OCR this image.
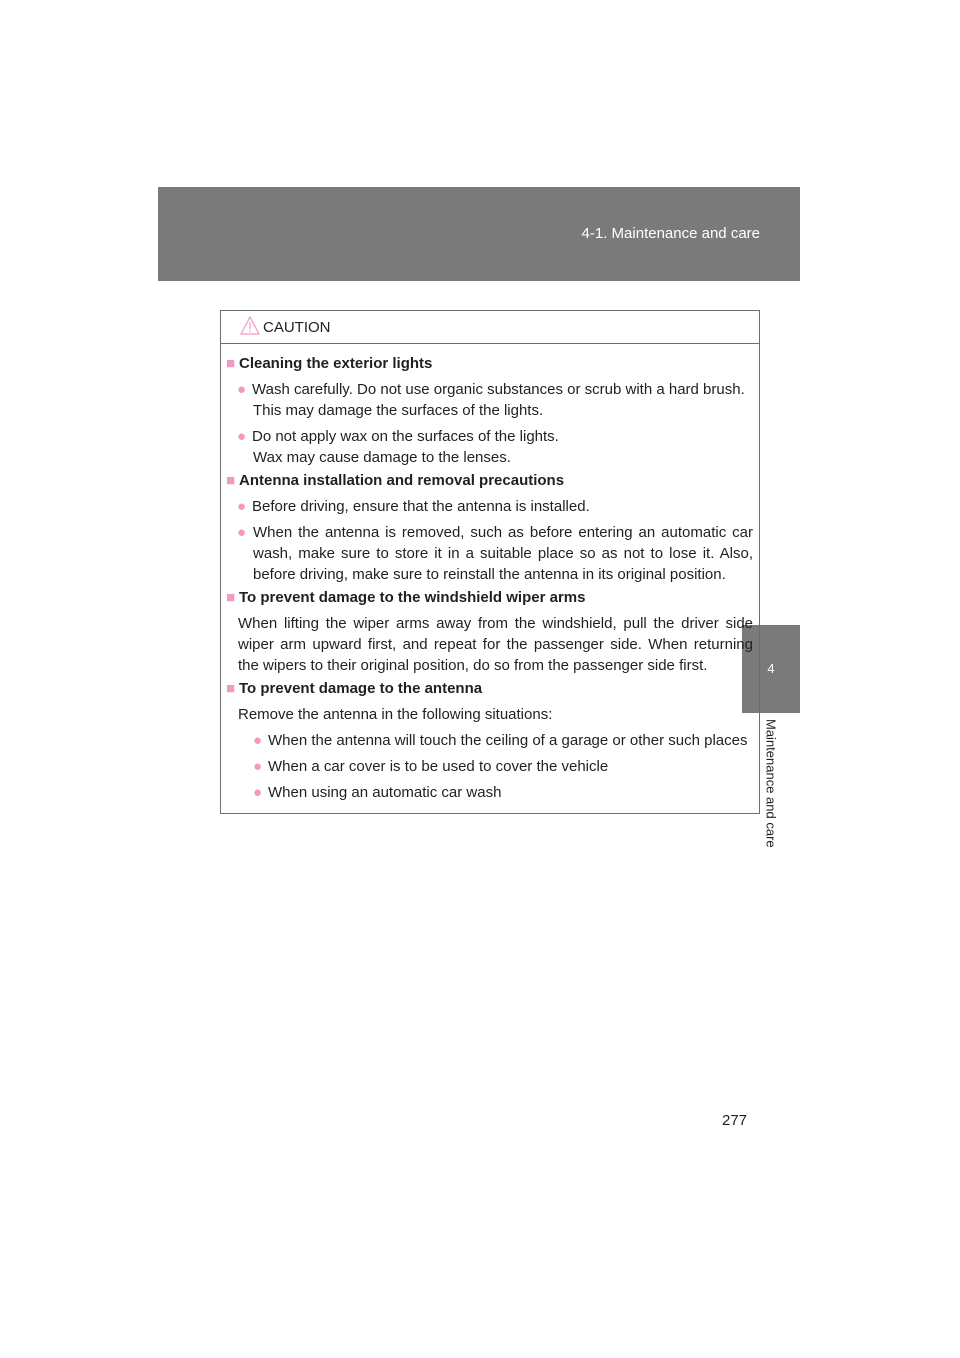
4-1. Maintenance and care
4
Maintenance and care
CAUTION
■ Cleaning the exterior lights
● Wash carefully. Do not use organic substances or scrub with a hard brush.
This may damage the surfaces of the lights.
● Do not apply wax on the surfaces of the lights.
Wax may cause damage to the lenses.
■ Antenna installation and removal precautions
● Before driving, ensure that the antenna is installed.
● When the antenna is removed, such as before entering an automatic car
wash, make sure to store it in a suitable place so as not to lose it. Also,
before driving, make sure to reinstall the antenna in its original position.
■ To prevent damage to the windshield wiper arms
When lifting the wiper arms away from the windshield, pull the driver side
wiper arm upward first, and repeat for the passenger side. When returning
the wipers to their original position, do so from the passenger side first.
■ To prevent damage to the antenna
Remove the antenna in the following situations:
● When the antenna will touch the ceiling of a garage or other such places
● When a car cover is to be used to cover the vehicle
● When using an automatic car wash
277
